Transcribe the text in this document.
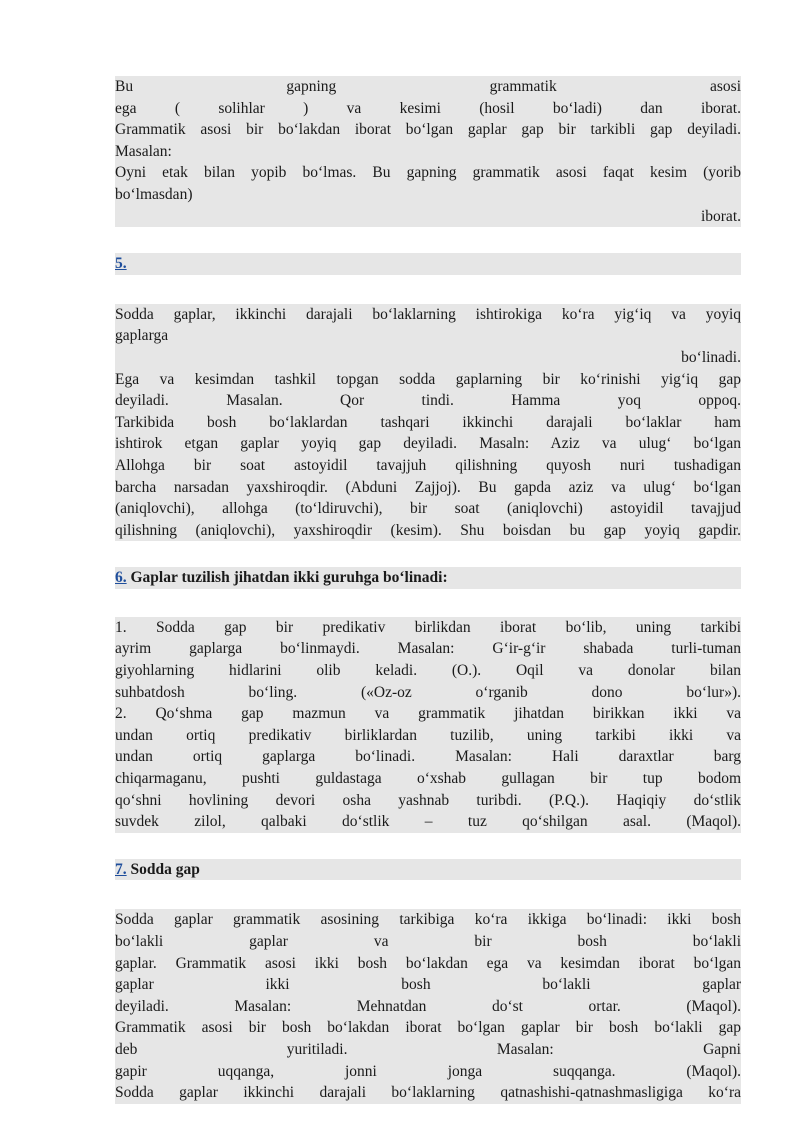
Bu gapning grammatik asosi
ega ( solihlar ) va kesimi (hosil bo‘ladi) dan iborat.
Grammatik asosi bir bo‘lakdan iborat bo‘lgan gaplar gap bir tarkibli gap deyiladi.
Masalan:
Oyni etak bilan yopib bo‘lmas. Bu gapning grammatik asosi faqat kesim (yorib
bo‘lmasdan)
iborat.
5.
Sodda gaplar, ikkinchi darajali bo‘laklarning ishtirokiga ko‘ra yig‘iq va yoyiq
gaplarga
bo‘linadi.
Ega va kesimdan tashkil topgan sodda gaplarning bir ko‘rinishi yig‘iq gap
deyiladi. Masalan. Qor tindi. Hamma yoq oppoq.
Tarkibida bosh bo‘laklardan tashqari ikkinchi darajali bo‘laklar ham
ishtirok etgan gaplar yoyiq gap deyiladi. Masaln: Aziz va ulug‘ bo‘lgan
Allohga bir soat astoyidil tavajjuh qilishning quyosh nuri tushadigan
barcha narsadan yaxshiroqdir. (Abduni Zajjoj). Bu gapda aziz va ulug‘ bo‘lgan
(aniqlovchi), allohga (to‘ldiruvchi), bir soat (aniqlovchi) astoyidil tavajjud
qilishning (aniqlovchi), yaxshiroqdir (kesim). Shu boisdan bu gap yoyiq gapdir.
6. Gaplar tuzilish jihatdan ikki guruhga bo‘linadi:
1. Sodda gap bir predikativ birlikdan iborat bo‘lib, uning tarkibi
ayrim gaplarga bo‘linmaydi. Masalan: G‘ir-g‘ir shabada turli-tuman
giyohlarning hidlarini olib keladi. (O.). Oqil va donolar bilan
suhbatdosh bo‘ling. («Oz-oz o‘rganib dono bo‘lur»).
2. Qo‘shma gap mazmun va grammatik jihatdan birikkan ikki va
undan ortiq predikativ birliklardan tuzilib, uning tarkibi ikki va
undan ortiq gaplarga bo‘linadi. Masalan: Hali daraxtlar barg
chiqarmaganu, pushti guldastaga o‘xshab gullagan bir tup bodom
qo‘shni hovlining devori osha yashnab turibdi. (P.Q.). Haqiqiy do‘stlik
suvdek zilol, qalbaki do‘stlik – tuz qo‘shilgan asal. (Maqol).
7. Sodda gap
Sodda gaplar grammatik asosining tarkibiga ko‘ra ikkiga bo‘linadi: ikki bosh
bo‘lakli gaplar va bir bosh bo‘lakli
gaplar. Grammatik asosi ikki bosh bo‘lakdan ega va kesimdan iborat bo‘lgan
gaplar ikki bosh bo‘lakli gaplar
deyiladi. Masalan: Mehnatdan do‘st ortar. (Maqol).
Grammatik asosi bir bosh bo‘lakdan iborat bo‘lgan gaplar bir bosh bo‘lakli gap
deb yuritiladi. Masalan: Gapni
gapir uqqanga, jonni jonga suqqanga. (Maqol).
Sodda gaplar ikkinchi darajali bo‘laklarning qatnashishi-qatnashmasligiga ko‘ra
